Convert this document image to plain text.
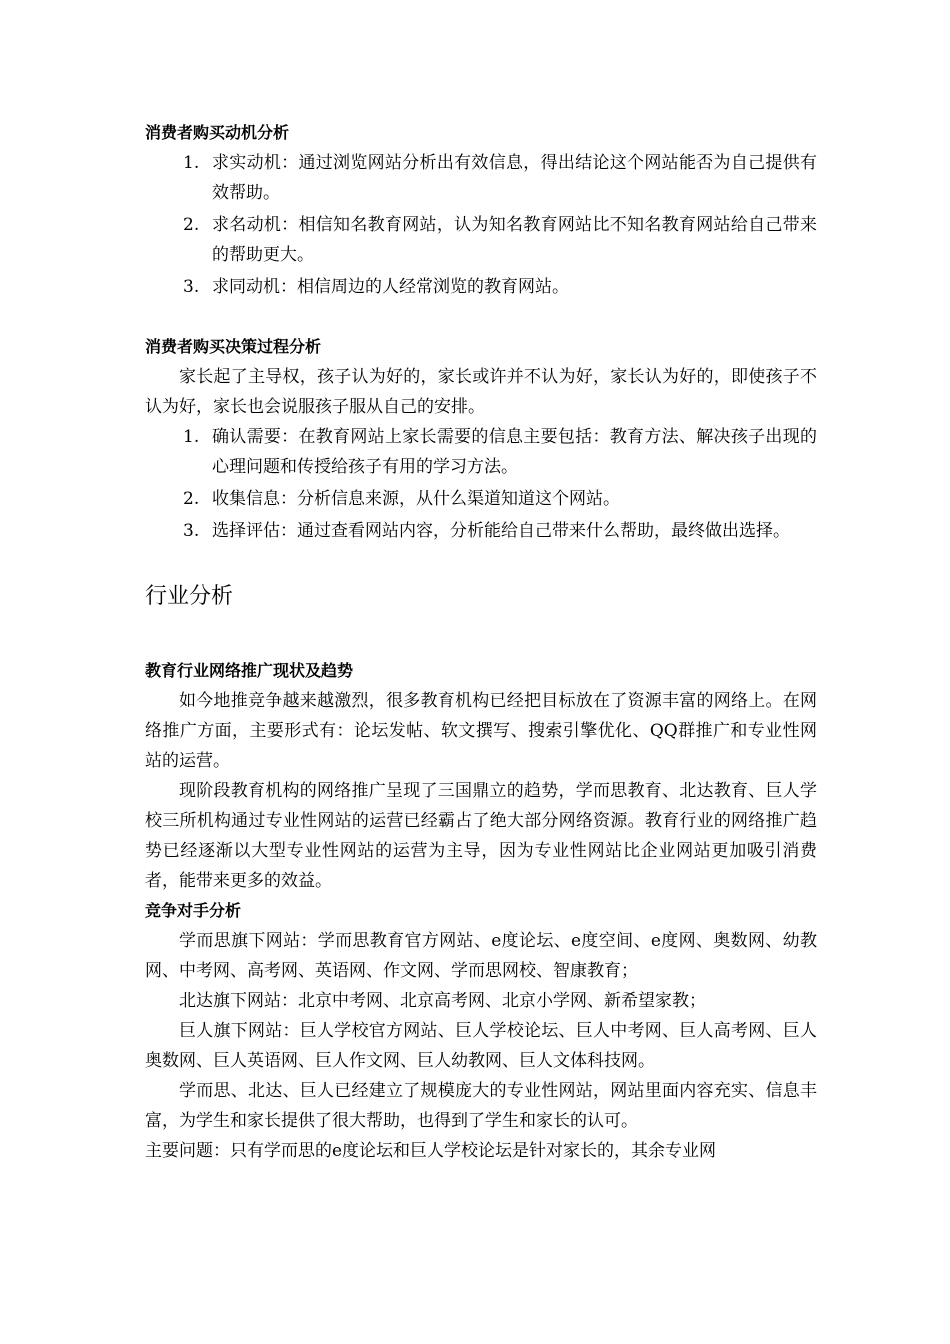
消费者购买动机分析
1. 求实动机：通过浏览网站分析出有效信息，得出结论这个网站能否为自己提供有效帮助。
2. 求名动机：相信知名教育网站，认为知名教育网站比不知名教育网站给自己带来的帮助更大。
3. 求同动机：相信周边的人经常浏览的教育网站。
消费者购买决策过程分析

家长起了主导权，孩子认为好的，家长或许并不认为好，家长认为好的，即使孩子不认为好，家长也会说服孩子服从自己的安排。

1. 确认需要：在教育网站上家长需要的信息主要包括：教育方法、解决孩子出现的心理问题和传授给孩子有用的学习方法。
2. 收集信息：分析信息来源，从什么渠道知道这个网站。
3. 选择评估：通过查看网站内容，分析能给自己带来什么帮助，最终做出选择。
行业分析
教育行业网络推广现状及趋势

如今地推竞争越来越激烈，很多教育机构已经把目标放在了资源丰富的网络上。在网络推广方面，主要形式有：论坛发帖、软文撰写、搜索引擎优化、QQ群推广和专业性网站的运营。

现阶段教育机构的网络推广呈现了三国鼎立的趋势，学而思教育、北达教育、巨人学校三所机构通过专业性网站的运营已经霸占了绝大部分网络资源。教育行业的网络推广趋势已经逐渐以大型专业性网站的运营为主导，因为专业性网站比企业网站更加吸引消费者，能带来更多的效益。

竞争对手分析

学而思旗下网站：学而思教育官方网站、e度论坛、e度空间、e度网、奥数网、幼教网、中考网、高考网、英语网、作文网、学而思网校、智康教育；

北达旗下网站：北京中考网、北京高考网、北京小学网、新希望家教；

巨人旗下网站：巨人学校官方网站、巨人学校论坛、巨人中考网、巨人高考网、巨人奥数网、巨人英语网、巨人作文网、巨人幼教网、巨人文体科技网。

学而思、北达、巨人已经建立了规模庞大的专业性网站，网站里面内容充实、信息丰富，为学生和家长提供了很大帮助，也得到了学生和家长的认可。

主要问题：只有学而思的e度论坛和巨人学校论坛是针对家长的，其余专业网
